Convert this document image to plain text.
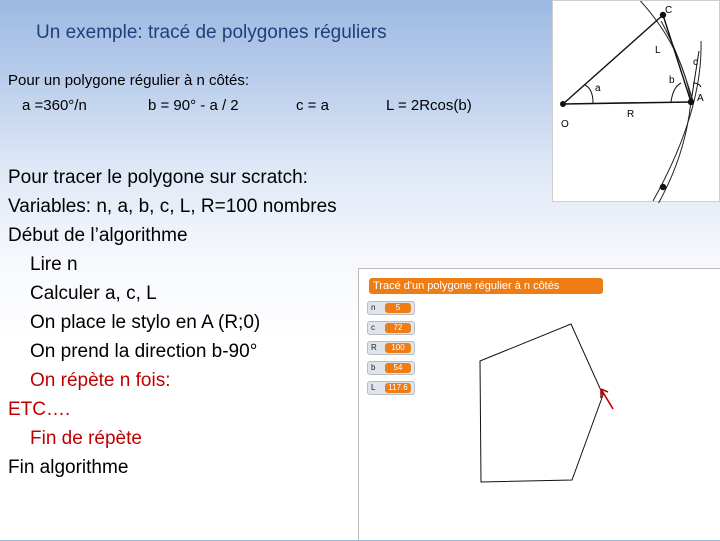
Un exemple: tracé de polygones réguliers
Pour un polygone régulier à n côtés:
a =360°/n	b = 90° - a / 2	c = a	L = 2Rcos(b)
Pour tracer le polygone sur scratch:
Variables: n, a, b, c, L, R=100 nombres
Début de l’algorithme
Lire n
Calculer a, c, L
On place le stylo en A (R;0)
On prend la direction b-90°
On répète n fois:
ETC….
Fin de répète
Fin algorithme
C
L
c
b
a
A
O
R
Tracé d'un polygone régulier à n côtés
n	5
c	72
R	100
b	54
L	117.6
